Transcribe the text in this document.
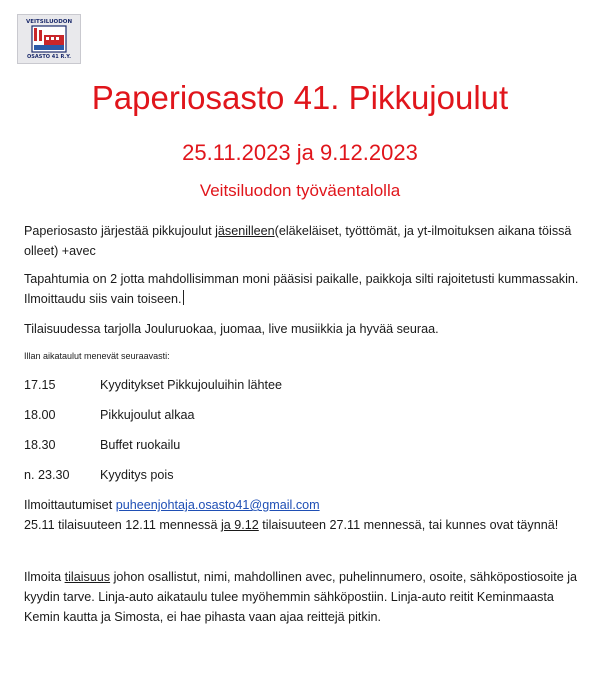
VEITSILUODON
OSASTO 41 R.Y.
Paperiosasto 41. Pikkujoulut
25.11.2023 ja 9.12.2023
Veitsiluodon työväentalolla
Paperiosasto järjestää pikkujoulut jäsenilleen(eläkeläiset, työttömät, ja yt-ilmoituksen aikana töissä olleet) +avec
Tapahtumia on 2 jotta mahdollisimman moni pääsisi paikalle, paikkoja silti rajoitetusti kummassakin. Ilmoittaudu siis vain toiseen.
Tilaisuudessa tarjolla Jouluruokaa, juomaa, live musiikkia ja hyvää seuraa.
Illan aikataulut menevät seuraavasti:
17.15	Kyydity‌kset Pikkujouluihin lähtee
18.00	Pikkujoulut alkaa
18.30	Buffet ruokailu
n. 23.30 Kyyditys pois
Ilmoittautumiset puheenjohtaja.osasto41@gmail.com
25.11 tilaisuuteen 12.11 mennessä ja 9.12 tilaisuuteen 27.11 mennessä, tai kunnes ovat täynnä!
Ilmoita tilaisuus johon osallistut, nimi, mahdollinen avec, puhelinnumero, osoite, sähköpostiosoite ja kyydin tarve. Linja-auto aikataulu tulee myöhemmin sähköpostiin. Linja-auto reitit Keminmaasta Kemin kautta ja Simosta, ei hae pihasta vaan ajaa reittejä pitkin.
